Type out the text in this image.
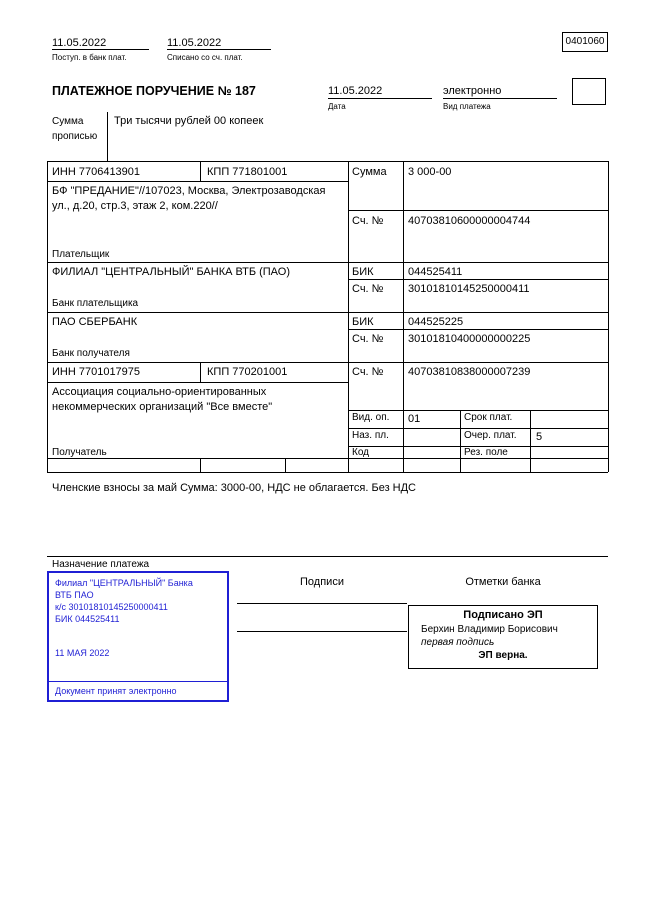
11.05.2022
Поступ. в банк плат.
11.05.2022
Списано со сч. плат.
0401060
ПЛАТЕЖНОЕ ПОРУЧЕНИЕ № 187	11.05.2022
Дата
электронно
Вид платежа
Сумма прописью
Три тысячи рублей 00 копеек
ИНН 7706413901	КПП 771801001	Сумма 3 000-00
БФ "ПРЕДАНИЕ"//107023, Москва, Электрозаводская ул., д.20, стр.3, этаж 2, ком.220//
Сч. № 40703810600000004744
Плательщик
ФИЛИАЛ "ЦЕНТРАЛЬНЫЙ" БАНКА ВТБ (ПАО)	БИК	044525411
Сч. № 30101810145250000411
Банк плательщика
ПАО СБЕРБАНК	БИК	044525225
Сч. № 30101810400000000225
Банк получателя
ИНН 7701017975	КПП 770201001	Сч. № 40703810838000007239
Ассоциация социально-ориентированных некоммерческих организаций "Все вместе"
Вид. оп. 01	Срок плат.
Наз. пл.	Очер. плат. 5
Получатель	Код	Рез. поле
Членские взносы за май Сумма: 3000-00, НДС не облагается. Без НДС
Назначение платежа
Филиал "ЦЕНТРАЛЬНЫЙ" Банка
ВТБ ПАО
к/с 30101810145250000411
БИК 044525411
11 МАЯ 2022
Документ принят электронно
Подписи	Отметки банка
Подписано ЭП
Берхин Владимир Борисович
первая подпись
ЭП верна.
